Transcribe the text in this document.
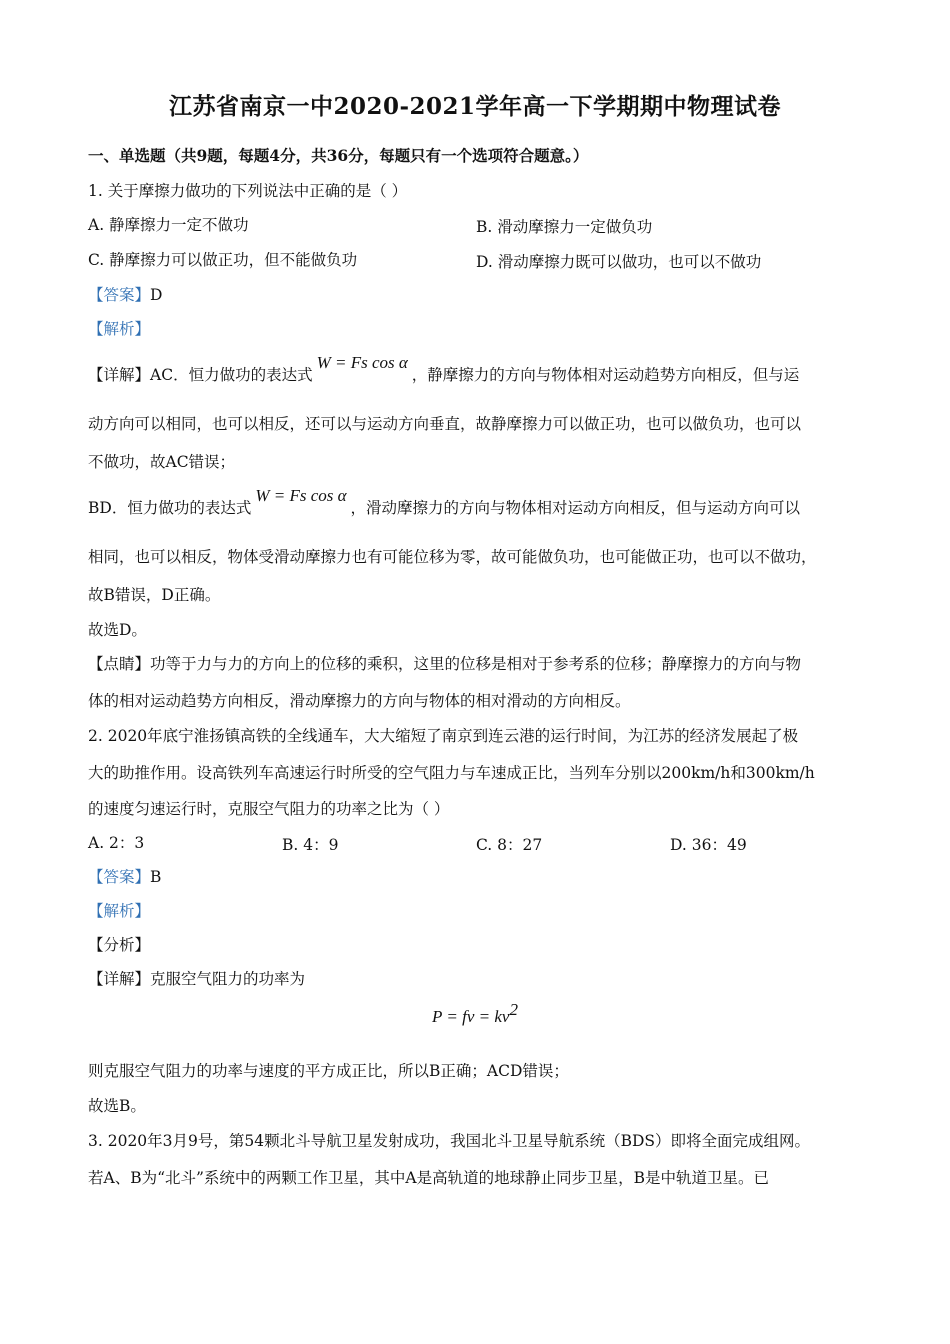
江苏省南京一中2020-2021学年高一下学期期中物理试卷
一、单选题（共9题，每题4分，共36分，每题只有一个选项符合题意。）
1. 关于摩擦力做功的下列说法中正确的是（ ）
A. 静摩擦力一定不做功	B. 滑动摩擦力一定做负功
C. 静摩擦力可以做正功，但不能做负功	D. 滑动摩擦力既可以做功，也可以不做功
【答案】D
【解析】
【详解】AC．恒力做功的表达式W = Fs cos α，静摩擦力的方向与物体相对运动趋势方向相反，但与运
动方向可以相同，也可以相反，还可以与运动方向垂直，故静摩擦力可以做正功，也可以做负功，也可以
不做功，故AC错误；
BD．恒力做功的表达式W = Fs cos α，滑动摩擦力的方向与物体相对运动方向相反，但与运动方向可以
相同，也可以相反，物体受滑动摩擦力也有可能位移为零，故可能做负功，也可能做正功，也可以不做功，
故B错误，D正确。
故选D。
【点睛】功等于力与力的方向上的位移的乘积，这里的位移是相对于参考系的位移；静摩擦力的方向与物
体的相对运动趋势方向相反，滑动摩擦力的方向与物体的相对滑动的方向相反。
2. 2020年底宁淮扬镇高铁的全线通车，大大缩短了南京到连云港的运行时间，为江苏的经济发展起了极
大的助推作用。设高铁列车高速运行时所受的空气阻力与车速成正比，当列车分别以200km/h和300km/h
的速度匀速运行时，克服空气阻力的功率之比为（ ）
A. 2：3	B. 4：9	C. 8：27	D. 36：49
【答案】B
【解析】
【分析】
【详解】克服空气阻力的功率为
P = fv = $kv^2$
则克服空气阻力的功率与速度的平方成正比，所以B正确；ACD错误；
故选B。
3. 2020年3月9号，第54颗北斗导航卫星发射成功，我国北斗卫星导航系统（BDS）即将全面完成组网。
若A、B为“北斗”系统中的两颗工作卫星，其中A是高轨道的地球静止同步卫星，B是中轨道卫星。已
